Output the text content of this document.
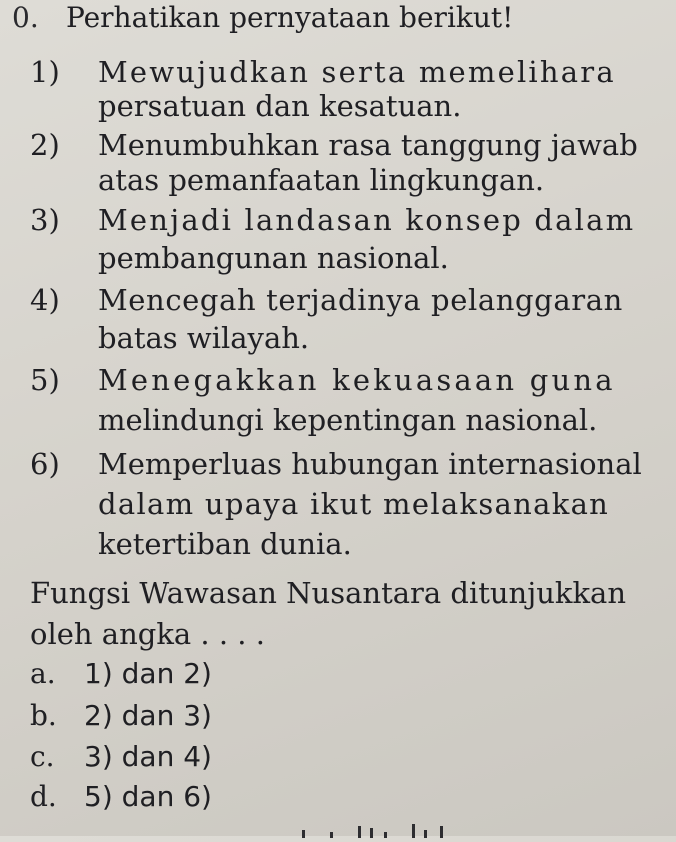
0. Perhatikan pernyataan berikut!
1) Mewujudkan serta memelihara
persatuan dan kesatuan.
2) Menumbuhkan rasa tanggung jawab
atas pemanfaatan lingkungan.
3) Menjadi landasan konsep dalam
pembangunan nasional.
4) Mencegah terjadinya pelanggaran
batas wilayah.
5) Menegakkan kekuasaan guna
melindungi kepentingan nasional.
6) Memperluas hubungan internasional
dalam upaya ikut melaksanakan
ketertiban dunia.
Fungsi Wawasan Nusantara ditunjukkan
oleh angka . . . .
a. 1) dan 2)
b. 2) dan 3)
c. 3) dan 4)
d. 5) dan 6)
